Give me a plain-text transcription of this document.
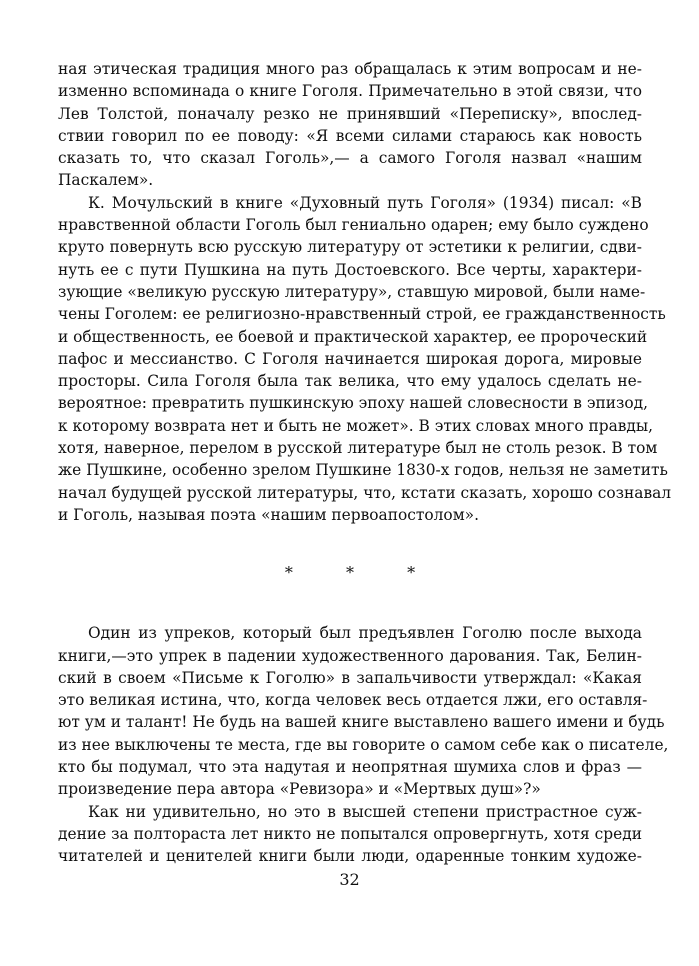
ная этическая традиция много раз обращалась к этим вопросам и не-
изменно вспоминада о книге Гоголя. Примечательно в этой связи, что
Лев Толстой, поначалу резко не принявший «Переписку», впослед-
ствии говорил по ее поводу: «Я всеми силами стараюсь как новость
сказать то, что сказал Гоголь»,— а самого Гоголя назвал «нашим
Паскалем».
К. Мочульский в книге «Духовный путь Гоголя» (1934) писал: «В
нравственной области Гоголь был гениально одарен; ему было суждено
круто повернуть всю русскую литературу от эстетики к религии, сдви-
нуть ее с пути Пушкина на путь Достоевского. Все черты, характери-
зующие «великую русскую литературу», ставшую мировой, были наме-
чены Гоголем: ее религиозно-нравственный строй, ее гражданственность
и общественность, ее боевой и практической характер, ее пророческий
пафос и мессианство. С Гоголя начинается широкая дорога, мировые
просторы. Сила Гоголя была так велика, что ему удалось сделать не-
вероятное: превратить пушкинскую эпоху нашей словесности в эпизод,
к которому возврата нет и быть не может». В этих словах много правды,
хотя, наверное, перелом в русской литературе был не столь резок. В том
же Пушкине, особенно зрелом Пушкине 1830-х годов, нельзя не заметить
начал будущей русской литературы, что, кстати сказать, хорошо сознавал
и Гоголь, называя поэта «нашим первоапостолом».
* * *
Один из упреков, который был предъявлен Гоголю после выхода
книги,—это упрек в падении художественного дарования. Так, Белин-
ский в своем «Письме к Гоголю» в запальчивости утверждал: «Какая
это великая истина, что, когда человек весь отдается лжи, его оставля-
ют ум и талант! Не будь на вашей книге выставлено вашего имени и будь
из нее выключены те места, где вы говорите о самом себе как о писателе,
кто бы подумал, что эта надутая и неопрятная шумиха слов и фраз —
произведение пера автора «Ревизора» и «Мертвых душ»?»
Как ни удивительно, но это в высшей степени пристрастное суж-
дение за полтораста лет никто не попытался опровергнуть, хотя среди
читателей и ценителей книги были люди, одаренные тонким художе-
32
